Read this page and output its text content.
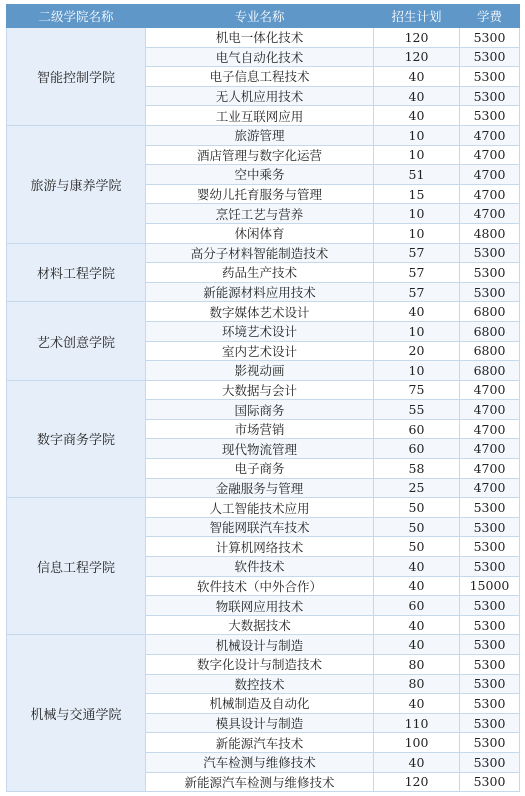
二级学院名称	专业名称	招生计划	学费
智能控制学院	机电一体化技术	120	5300
	电气自动化技术	120	5300
	电子信息工程技术	40	5300
	无人机应用技术	40	5300
	工业互联网应用	40	5300
旅游与康养学院	旅游管理	10	4700
	酒店管理与数字化运营	10	4700
	空中乘务	51	4700
	婴幼儿托育服务与管理	15	4700
	烹饪工艺与营养	10	4700
	休闲体育	10	4800
材料工程学院	高分子材料智能制造技术	57	5300
	药品生产技术	57	5300
	新能源材料应用技术	57	5300
艺术创意学院	数字媒体艺术设计	40	6800
	环境艺术设计	10	6800
	室内艺术设计	20	6800
	影视动画	10	6800
数字商务学院	大数据与会计	75	4700
	国际商务	55	4700
	市场营销	60	4700
	现代物流管理	60	4700
	电子商务	58	4700
	金融服务与管理	25	4700
信息工程学院	人工智能技术应用	50	5300
	智能网联汽车技术	50	5300
	计算机网络技术	50	5300
	软件技术	40	5300
	软件技术（中外合作）	40	15000
	物联网应用技术	60	5300
	大数据技术	40	5300
机械与交通学院	机械设计与制造	40	5300
	数字化设计与制造技术	80	5300
	数控技术	80	5300
	机械制造及自动化	40	5300
	模具设计与制造	110	5300
	新能源汽车技术	100	5300
	汽车检测与维修技术	40	5300
	新能源汽车检测与维修技术	120	5300
